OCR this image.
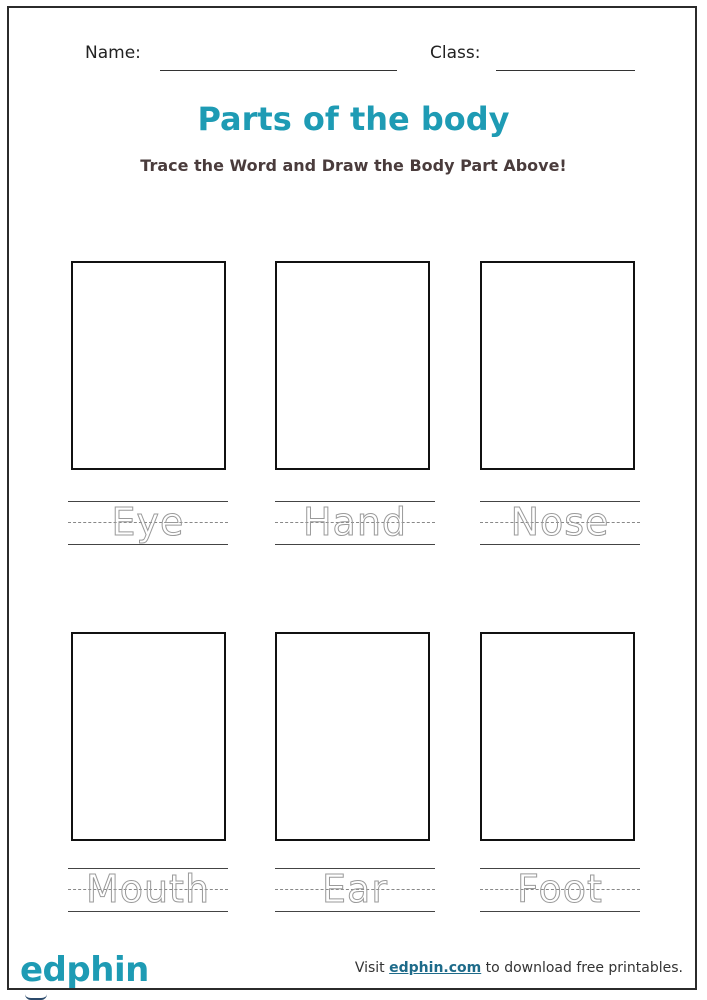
Name:	Class:
Parts of the body
Trace the Word and Draw the Body Part Above!
Eye	Hand	Nose
Mouth	Ear	Foot
edphin	Visit edphin.com to download free printables.
